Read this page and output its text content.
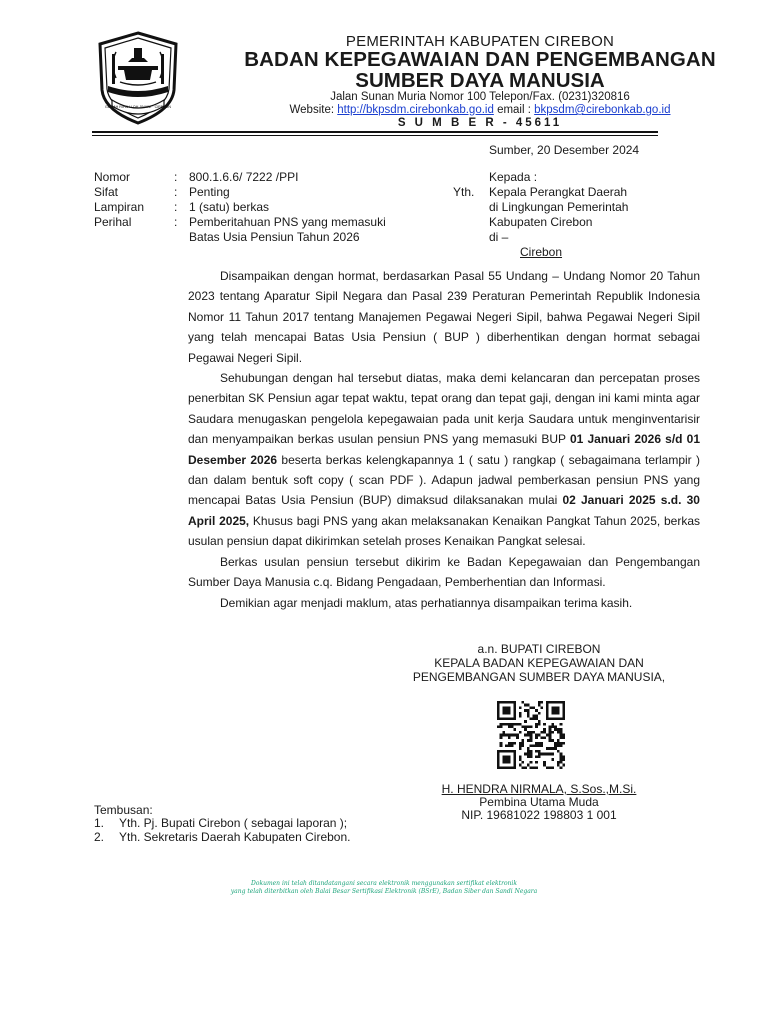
GEMAH RIPAH LOH JINAWI · CIREBON
PEMERINTAH KABUPATEN CIREBON
BADAN KEPEGAWAIAN DAN PENGEMBANGAN
SUMBER DAYA MANUSIA
Jalan Sunan Muria Nomor 100 Telepon/Fax. (0231)320816
Website: http://bkpsdm.cirebonkab.go.id email : bkpsdm@cirebonkab.go.id
S U M B E R - 45611
Sumber, 20 Desember 2024
Nomor	: 800.1.6.6/ 7222 /PPI
Sifat	: Penting
Lampiran : 1 (satu) berkas
Perihal	: Pemberitahuan PNS yang memasuki
Batas Usia Pensiun Tahun 2026
Kepada :
Yth. Kepala Perangkat Daerah
di Lingkungan Pemerintah
Kabupaten Cirebon
di –
Cirebon

Disampaikan dengan hormat, berdasarkan Pasal 55 Undang – Undang Nomor 20 Tahun 2023 tentang Aparatur Sipil Negara dan Pasal 239 Peraturan Pemerintah Republik Indonesia Nomor 11 Tahun 2017 tentang Manajemen Pegawai Negeri Sipil, bahwa Pegawai Negeri Sipil yang telah mencapai Batas Usia Pensiun ( BUP ) diberhentikan dengan hormat sebagai Pegawai Negeri Sipil.

Sehubungan dengan hal tersebut diatas, maka demi kelancaran dan percepatan proses penerbitan SK Pensiun agar tepat waktu, tepat orang dan tepat gaji, dengan ini kami minta agar Saudara menugaskan pengelola kepegawaian pada unit kerja Saudara untuk menginventarisir dan menyampaikan berkas usulan pensiun PNS yang memasuki BUP 01 Januari 2026 s/d 01 Desember 2026 beserta berkas kelengkapannya 1 ( satu ) rangkap ( sebagaimana terlampir ) dan dalam bentuk soft copy ( scan PDF ). Adapun jadwal pemberkasan pensiun PNS yang mencapai Batas Usia Pensiun (BUP) dimaksud dilaksanakan mulai 02 Januari 2025 s.d. 30 April 2025, Khusus bagi PNS yang akan melaksanakan Kenaikan Pangkat Tahun 2025, berkas usulan pensiun dapat dikirimkan setelah proses Kenaikan Pangkat selesai.

Berkas usulan pensiun tersebut dikirim ke Badan Kepegawaian dan Pengembangan Sumber Daya Manusia c.q. Bidang Pengadaan, Pemberhentian dan Informasi.

Demikian agar menjadi maklum, atas perhatiannya disampaikan terima kasih.

a.n. BUPATI CIREBON
KEPALA BADAN KEPEGAWAIAN DAN
PENGEMBANGAN SUMBER DAYA MANUSIA,
H. HENDRA NIRMALA, S.Sos.,M.Si.
Pembina Utama Muda
NIP. 19681022 198803 1 001
Tembusan:
1. Yth. Pj. Bupati Cirebon ( sebagai laporan );
2. Yth. Sekretaris Daerah Kabupaten Cirebon.
Dokumen ini telah ditandatangani secara elektronik menggunakan sertifikat elektronik
yang telah diterbitkan oleh Balai Besar Sertifikasi Elektronik (BSrE), Badan Siber dan Sandi Negara
